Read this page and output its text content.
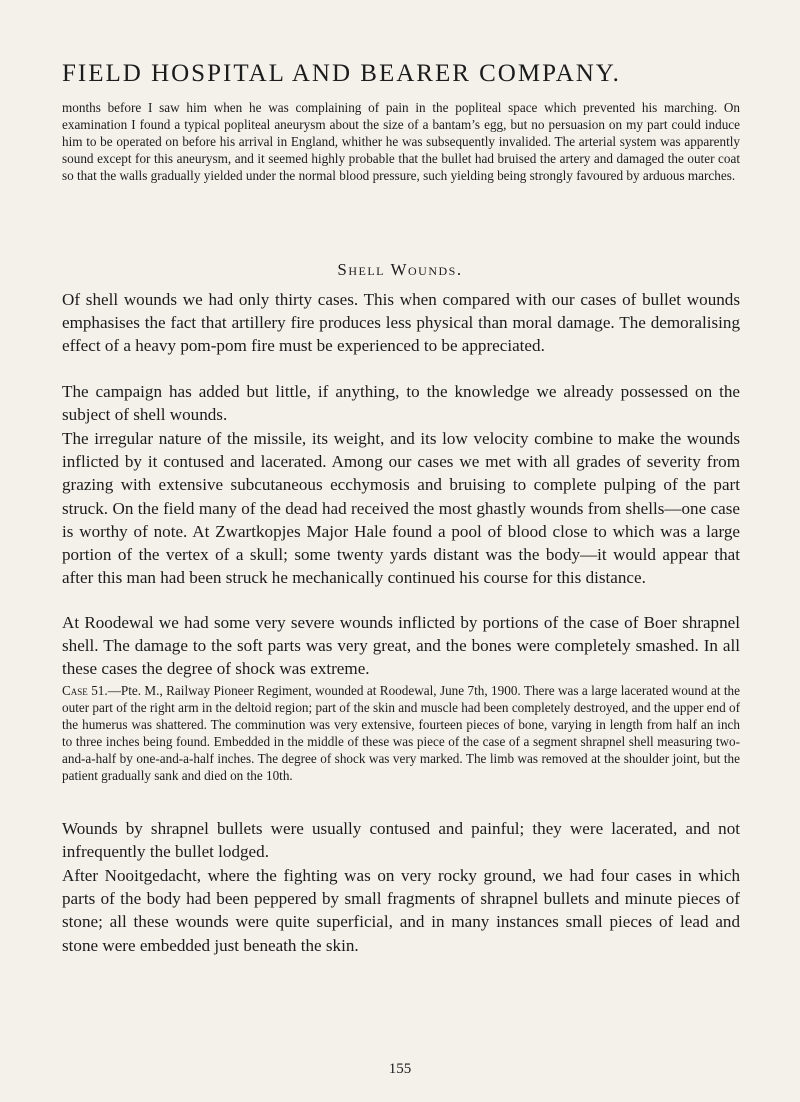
FIELD HOSPITAL AND BEARER COMPANY.

months before I saw him when he was complaining of pain in the popliteal space which prevented his marching. On examination I found a typical popliteal aneurysm about the size of a bantam’s egg, but no persuasion on my part could induce him to be operated on before his arrival in England, whither he was subsequently invalided. The arterial system was apparently sound except for this aneurysm, and it seemed highly probable that the bullet had bruised the artery and damaged the outer coat so that the walls gradually yielded under the normal blood pressure, such yielding being strongly favoured by arduous marches.

Shell Wounds.

Of shell wounds we had only thirty cases. This when compared with our cases of bullet wounds emphasises the fact that artillery fire produces less physical than moral damage. The demoralising effect of a heavy pom-pom fire must be experienced to be appreciated.

The campaign has added but little, if anything, to the knowledge we already possessed on the subject of shell wounds.

The irregular nature of the missile, its weight, and its low velocity combine to make the wounds inflicted by it contused and lacerated. Among our cases we met with all grades of severity from grazing with extensive subcutaneous ecchymosis and bruising to complete pulping of the part struck. On the field many of the dead had received the most ghastly wounds from shells—one case is worthy of note. At Zwartkopjes Major Hale found a pool of blood close to which was a large portion of the vertex of a skull; some twenty yards distant was the body—it would appear that after this man had been struck he mechanically continued his course for this distance.

At Roodewal we had some very severe wounds inflicted by portions of the case of Boer shrapnel shell. The damage to the soft parts was very great, and the bones were completely smashed. In all these cases the degree of shock was extreme.

Case 51.—Pte. M., Railway Pioneer Regiment, wounded at Roodewal, June 7th, 1900. There was a large lacerated wound at the outer part of the right arm in the deltoid region; part of the skin and muscle had been completely destroyed, and the upper end of the humerus was shattered. The comminution was very extensive, fourteen pieces of bone, varying in length from half an inch to three inches being found. Embedded in the middle of these was piece of the case of a segment shrapnel shell measuring two-and-a-half by one-and-a-half inches. The degree of shock was very marked. The limb was removed at the shoulder joint, but the patient gradually sank and died on the 10th.

Wounds by shrapnel bullets were usually contused and painful; they were lacerated, and not infrequently the bullet lodged.

After Nooitgedacht, where the fighting was on very rocky ground, we had four cases in which parts of the body had been peppered by small fragments of shrapnel bullets and minute pieces of stone; all these wounds were quite superficial, and in many instances small pieces of lead and stone were embedded just beneath the skin.

155
